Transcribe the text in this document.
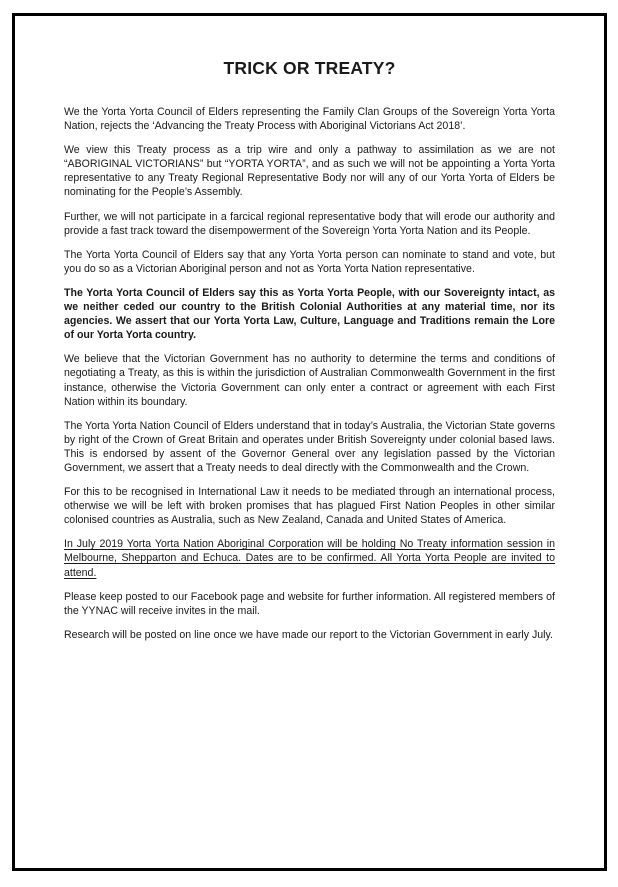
TRICK OR TREATY?

We the Yorta Yorta Council of Elders representing the Family Clan Groups of the Sovereign Yorta Yorta Nation, rejects the ‘Advancing the Treaty Process with Aboriginal Victorians Act 2018’.

We view this Treaty process as a trip wire and only a pathway to assimilation as we are not “ABORIGINAL VICTORIANS” but “YORTA YORTA”, and as such we will not be appointing a Yorta Yorta representative to any Treaty Regional Representative Body nor will any of our Yorta Yorta of Elders be nominating for the People’s Assembly.

Further, we will not participate in a farcical regional representative body that will erode our authority and provide a fast track toward the disempowerment of the Sovereign Yorta Yorta Nation and its People.

The Yorta Yorta Council of Elders say that any Yorta Yorta person can nominate to stand and vote, but you do so as a Victorian Aboriginal person and not as Yorta Yorta Nation representative.

The Yorta Yorta Council of Elders say this as Yorta Yorta People, with our Sovereignty intact, as we neither ceded our country to the British Colonial Authorities at any material time, nor its agencies. We assert that our Yorta Yorta Law, Culture, Language and Traditions remain the Lore of our Yorta Yorta country.

We believe that the Victorian Government has no authority to determine the terms and conditions of negotiating a Treaty, as this is within the jurisdiction of Australian Commonwealth Government in the first instance, otherwise the Victoria Government can only enter a contract or agreement with each First Nation within its boundary.

The Yorta Yorta Nation Council of Elders understand that in today’s Australia, the Victorian State governs by right of the Crown of Great Britain and operates under British Sovereignty under colonial based laws. This is endorsed by assent of the Governor General over any legislation passed by the Victorian Government, we assert that a Treaty needs to deal directly with the Commonwealth and the Crown.

For this to be recognised in International Law it needs to be mediated through an international process, otherwise we will be left with broken promises that has plagued First Nation Peoples in other similar colonised countries as Australia, such as New Zealand, Canada and United States of America.

In July 2019 Yorta Yorta Nation Aboriginal Corporation will be holding No Treaty information session in Melbourne, Shepparton and Echuca. Dates are to be confirmed. All Yorta Yorta People are invited to attend.

Please keep posted to our Facebook page and website for further information. All registered members of the YYNAC will receive invites in the mail.

Research will be posted on line once we have made our report to the Victorian Government in early July.
